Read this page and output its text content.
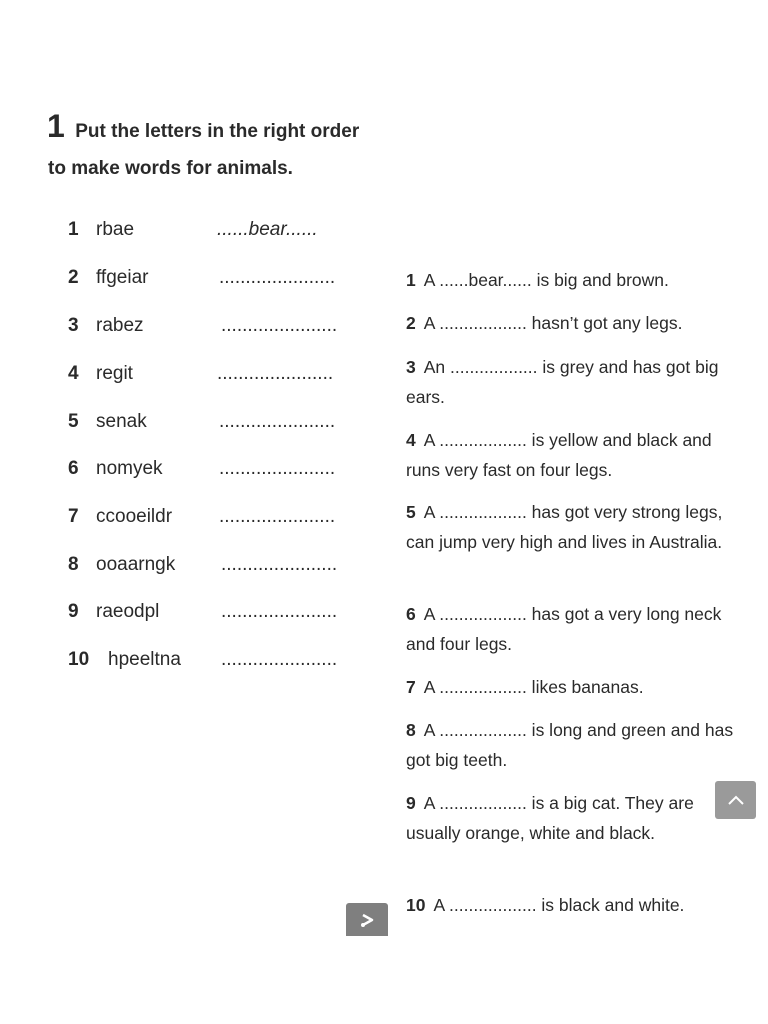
1 Put the letters in the right order
to make words for animals.
1 rbae	......bear......
2 ffgeiar	......................
3 rabez	......................
4 regit	......................
5 senak	......................
6 nomyek	......................
7 ccooeildr ......................
8 ooaarngk ......................
9 raeodpl	......................
10 hpeeltna ......................
1 A ......bear...... is big and brown.
2 A .................. hasn’t got any legs.
3 An .................. is grey and has got big ears.
4 A .................. is yellow and black and runs very fast on four legs.
5 A .................. has got very strong legs, can jump very high and lives in Australia.
6 A .................. has got a very long neck and four legs.
7 A .................. likes bananas.
8 A .................. is long and green and has got big teeth.
9 A .................. is a big cat. They are usually orange, white and black.
10 A .................. is black and white.
